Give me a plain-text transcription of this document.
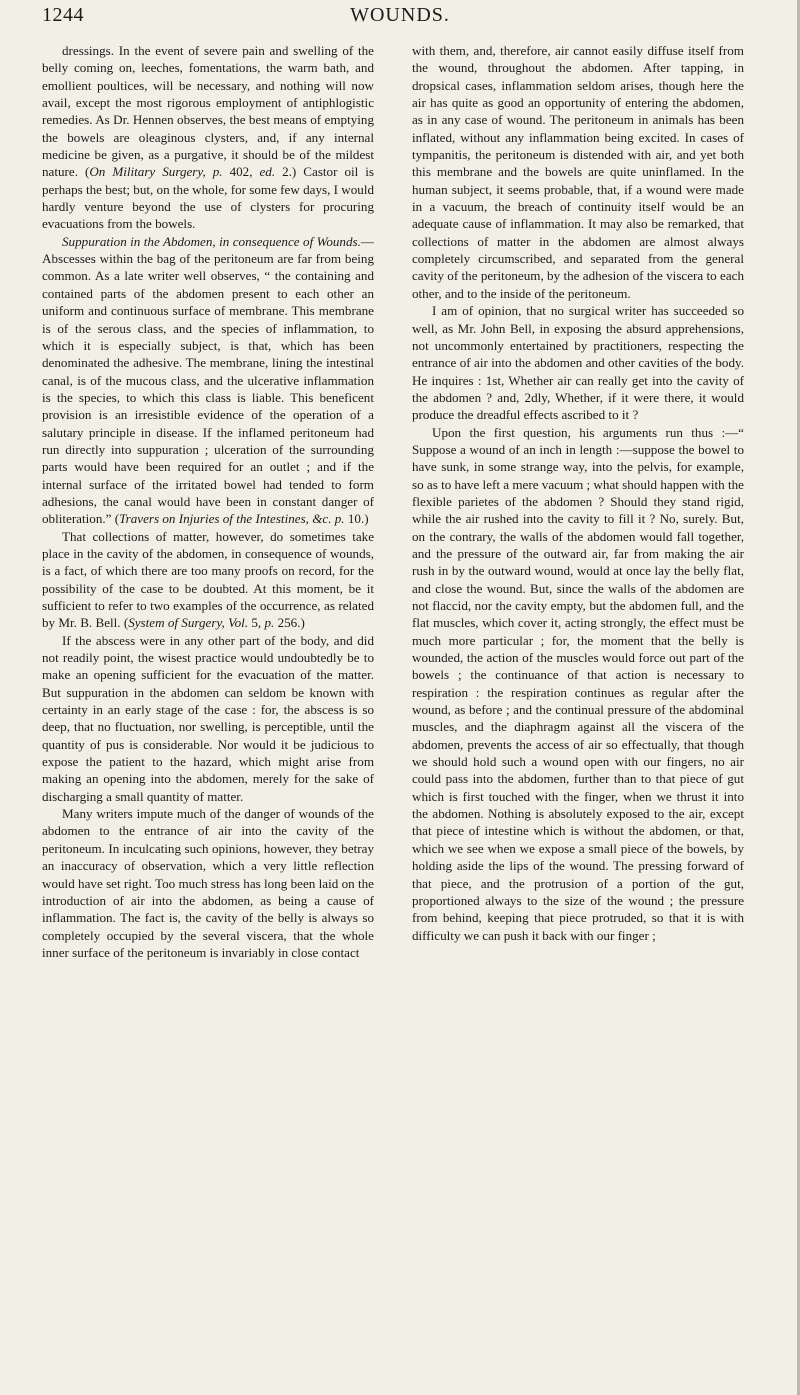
1244	WOUNDS.

dressings. In the event of severe pain and swelling of the belly coming on, leeches, fomentations, the warm bath, and emollient poultices, will be necessary, and nothing will now avail, except the most rigorous employment of antiphlogistic remedies. As Dr. Hennen observes, the best means of emptying the bowels are oleaginous clysters, and, if any internal medicine be given, as a purgative, it should be of the mildest nature. (On Military Surgery, p. 402, ed. 2.) Castor oil is perhaps the best; but, on the whole, for some few days, I would hardly venture beyond the use of clysters for procuring evacuations from the bowels.

Suppuration in the Abdomen, in consequence of Wounds.—Abscesses within the bag of the peritoneum are far from being common. As a late writer well observes, “ the containing and contained parts of the abdomen present to each other an uniform and continuous surface of membrane. This membrane is of the serous class, and the species of inflammation, to which it is especially subject, is that, which has been denominated the adhesive. The membrane, lining the intestinal canal, is of the mucous class, and the ulcerative inflammation is the species, to which this class is liable. This beneficent provision is an irresistible evidence of the operation of a salutary principle in disease. If the inflamed peritoneum had run directly into suppuration ; ulceration of the surrounding parts would have been required for an outlet ; and if the internal surface of the irritated bowel had tended to form adhesions, the canal would have been in constant danger of obliteration.” (Travers on Injuries of the Intestines, &c. p. 10.)

That collections of matter, however, do sometimes take place in the cavity of the abdomen, in consequence of wounds, is a fact, of which there are too many proofs on record, for the possibility of the case to be doubted. At this moment, be it sufficient to refer to two examples of the occurrence, as related by Mr. B. Bell. (System of Surgery, Vol. 5, p. 256.)

If the abscess were in any other part of the body, and did not readily point, the wisest practice would undoubtedly be to make an opening sufficient for the evacuation of the matter. But suppuration in the abdomen can seldom be known with certainty in an early stage of the case : for, the abscess is so deep, that no fluctuation, nor swelling, is perceptible, until the quantity of pus is considerable. Nor would it be judicious to expose the patient to the hazard, which might arise from making an opening into the abdomen, merely for the sake of discharging a small quantity of matter.

Many writers impute much of the danger of wounds of the abdomen to the entrance of air into the cavity of the peritoneum. In inculcating such opinions, however, they betray an inaccuracy of observation, which a very little reflection would have set right. Too much stress has long been laid on the introduction of air into the abdomen, as being a cause of inflammation. The fact is, the cavity of the belly is always so completely occupied by the several viscera, that the whole inner surface of the peritoneum is invariably in close contact

with them, and, therefore, air cannot easily diffuse itself from the wound, throughout the abdomen. After tapping, in dropsical cases, inflammation seldom arises, though here the air has quite as good an opportunity of entering the abdomen, as in any case of wound. The peritoneum in animals has been inflated, without any inflammation being excited. In cases of tympanitis, the peritoneum is distended with air, and yet both this membrane and the bowels are quite uninflamed. In the human subject, it seems probable, that, if a wound were made in a vacuum, the breach of continuity itself would be an adequate cause of inflammation. It may also be remarked, that collections of matter in the abdomen are almost always completely circumscribed, and separated from the general cavity of the peritoneum, by the adhesion of the viscera to each other, and to the inside of the peritoneum.

I am of opinion, that no surgical writer has succeeded so well, as Mr. John Bell, in exposing the absurd apprehensions, not uncommonly entertained by practitioners, respecting the entrance of air into the abdomen and other cavities of the body. He inquires : 1st, Whether air can really get into the cavity of the abdomen ? and, 2dly, Whether, if it were there, it would produce the dreadful effects ascribed to it ?

Upon the first question, his arguments run thus :—“ Suppose a wound of an inch in length :—suppose the bowel to have sunk, in some strange way, into the pelvis, for example, so as to have left a mere vacuum ; what should happen with the flexible parietes of the abdomen ? Should they stand rigid, while the air rushed into the cavity to fill it ? No, surely. But, on the contrary, the walls of the abdomen would fall together, and the pressure of the outward air, far from making the air rush in by the outward wound, would at once lay the belly flat, and close the wound. But, since the walls of the abdomen are not flaccid, nor the cavity empty, but the abdomen full, and the flat muscles, which cover it, acting strongly, the effect must be much more particular ; for, the moment that the belly is wounded, the action of the muscles would force out part of the bowels ; the continuance of that action is necessary to respiration : the respiration continues as regular after the wound, as before ; and the continual pressure of the abdominal muscles, and the diaphragm against all the viscera of the abdomen, prevents the access of air so effectually, that though we should hold such a wound open with our fingers, no air could pass into the abdomen, further than to that piece of gut which is first touched with the finger, when we thrust it into the abdomen. Nothing is absolutely exposed to the air, except that piece of intestine which is without the abdomen, or that, which we see when we expose a small piece of the bowels, by holding aside the lips of the wound. The pressing forward of that piece, and the protrusion of a portion of the gut, proportioned always to the size of the wound ; the pressure from behind, keeping that piece protruded, so that it is with difficulty we can push it back with our finger ;
